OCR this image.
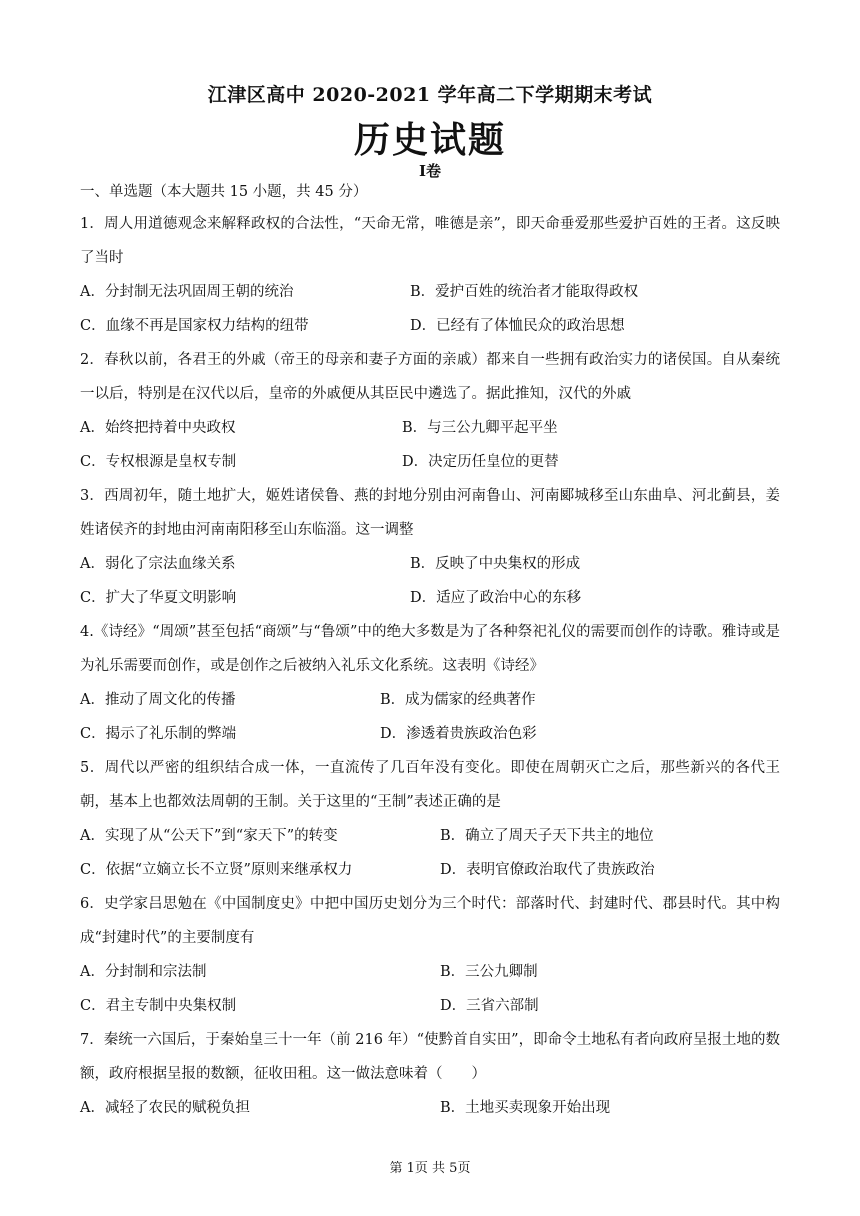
江津区高中 2020-2021 学年高二下学期期末考试
历史试题
Ⅰ卷
一、单选题（本大题共 15 小题，共 45 分）

1．周人用道德观念来解释政权的合法性，“天命无常，唯德是亲”，即天命垂爱那些爱护百姓的王者。这反映了当时

A．分封制无法巩固周王朝的统治	B．爱护百姓的统治者才能取得政权
C．血缘不再是国家权力结构的纽带	D．已经有了体恤民众的政治思想

2．春秋以前，各君王的外戚（帝王的母亲和妻子方面的亲戚）都来自一些拥有政治实力的诸侯国。自从秦统一以后，特别是在汉代以后，皇帝的外戚便从其臣民中遴选了。据此推知，汉代的外戚

A．始终把持着中央政权	B．与三公九卿平起平坐
C．专权根源是皇权专制	D．决定历任皇位的更替

3．西周初年，随土地扩大，姬姓诸侯鲁、燕的封地分别由河南鲁山、河南郾城移至山东曲阜、河北蓟县，姜姓诸侯齐的封地由河南南阳移至山东临淄。这一调整

A．弱化了宗法血缘关系	B．反映了中央集权的形成
C．扩大了华夏文明影响	D．适应了政治中心的东移

4.《诗经》“周颂”甚至包括“商颂”与“鲁颂”中的绝大多数是为了各种祭祀礼仪的需要而创作的诗歌。雅诗或是为礼乐需要而创作，或是创作之后被纳入礼乐文化系统。这表明《诗经》

A．推动了周文化的传播	B．成为儒家的经典著作
C．揭示了礼乐制的弊端	D．渗透着贵族政治色彩

5．周代以严密的组织结合成一体，一直流传了几百年没有变化。即使在周朝灭亡之后，那些新兴的各代王朝，基本上也都效法周朝的王制。关于这里的“王制”表述正确的是

A．实现了从“公天下”到“家天下”的转变	B．确立了周天子天下共主的地位
C．依据“立嫡立长不立贤”原则来继承权力	D．表明官僚政治取代了贵族政治

6．史学家吕思勉在《中国制度史》中把中国历史划分为三个时代：部落时代、封建时代、郡县时代。其中构成“封建时代”的主要制度有

A．分封制和宗法制	B．三公九卿制
C．君主专制中央集权制	D．三省六部制

7．秦统一六国后，于秦始皇三十一年（前 216 年）“使黔首自实田”，即命令土地私有者向政府呈报土地的数额，政府根据呈报的数额，征收田租。这一做法意味着（　　）

A．减轻了农民的赋税负担	B．土地买卖现象开始出现
第 1页 共 5页
